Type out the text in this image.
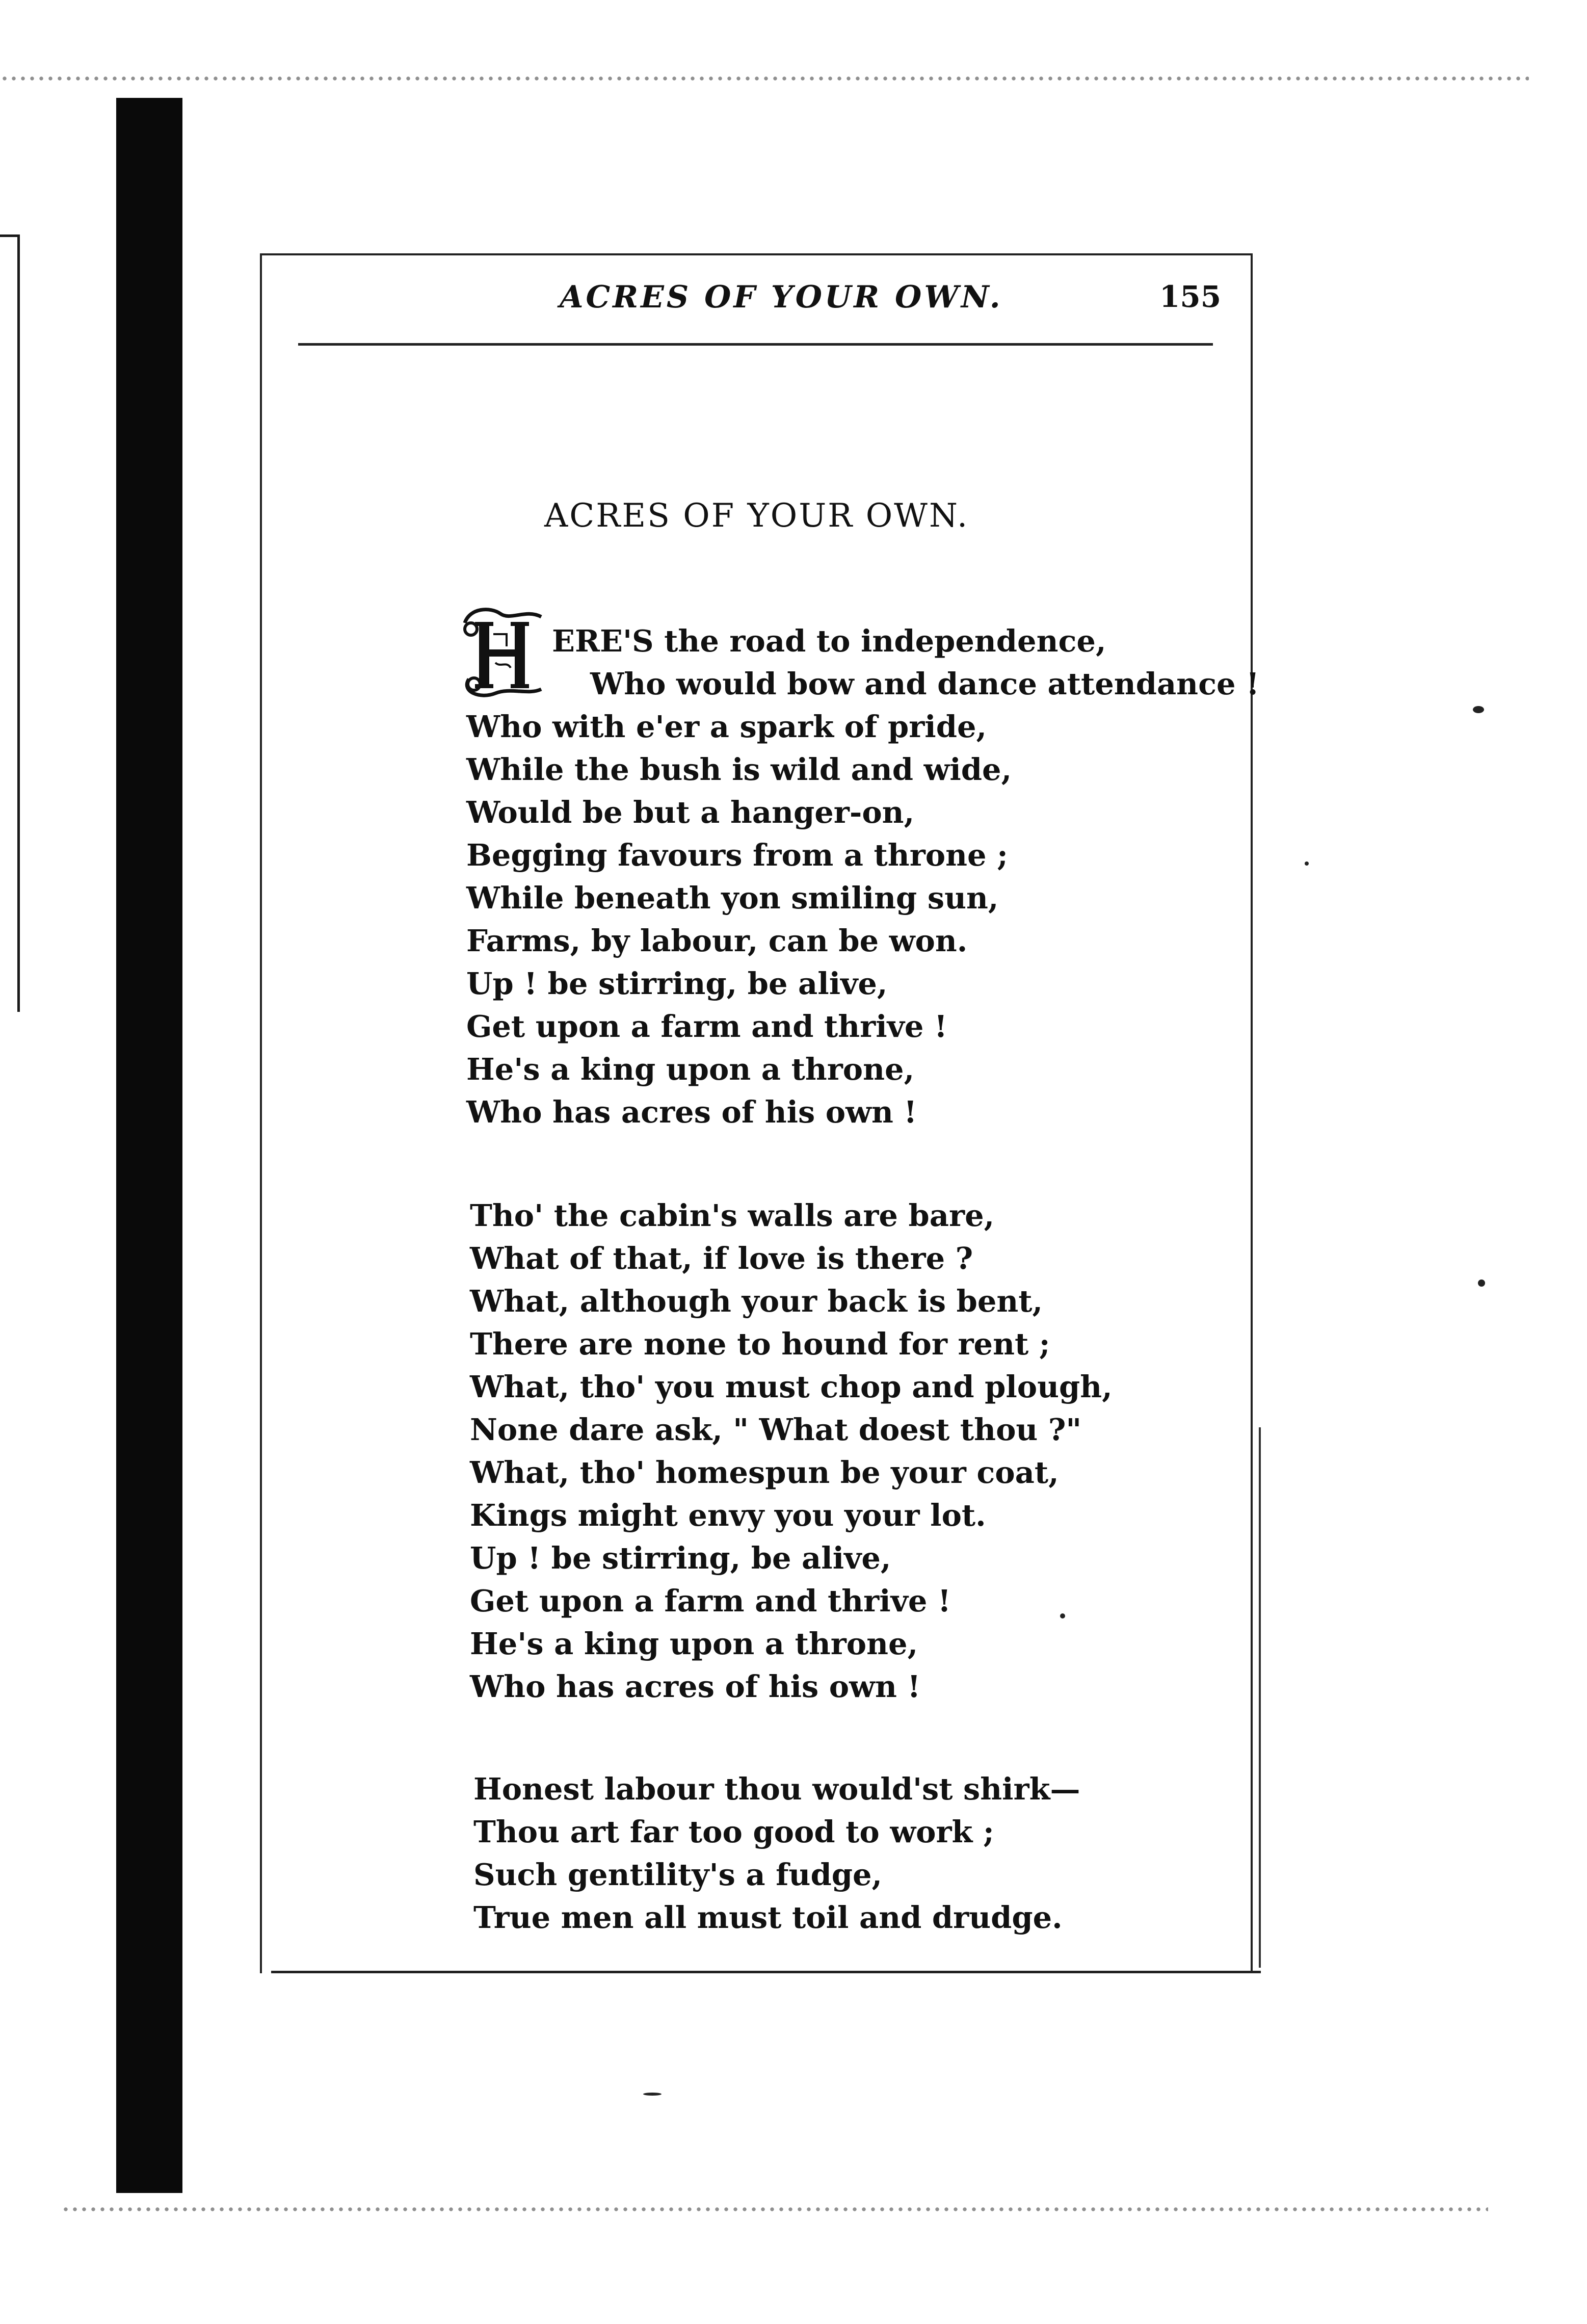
ACRES OF YOUR OWN.	155
ACRES OF YOUR OWN.
ERE'S the road to independence,
Who would bow and dance attendance !
Who with e'er a spark of pride,
While the bush is wild and wide,
Would be but a hanger-on,
Begging favours from a throne ;
While beneath yon smiling sun,
Farms, by labour, can be won.
Up ! be stirring, be alive,
Get upon a farm and thrive !
He's a king upon a throne,
Who has acres of his own !
Tho' the cabin's walls are bare,
What of that, if love is there ?
What, although your back is bent,
There are none to hound for rent ;
What, tho' you must chop and plough,
None dare ask, " What doest thou ?"
What, tho' homespun be your coat,
Kings might envy you your lot.
Up ! be stirring, be alive,
Get upon a farm and thrive !
He's a king upon a throne,
Who has acres of his own !
Honest labour thou would'st shirk—
Thou art far too good to work ;
Such gentility's a fudge,
True men all must toil and drudge.
